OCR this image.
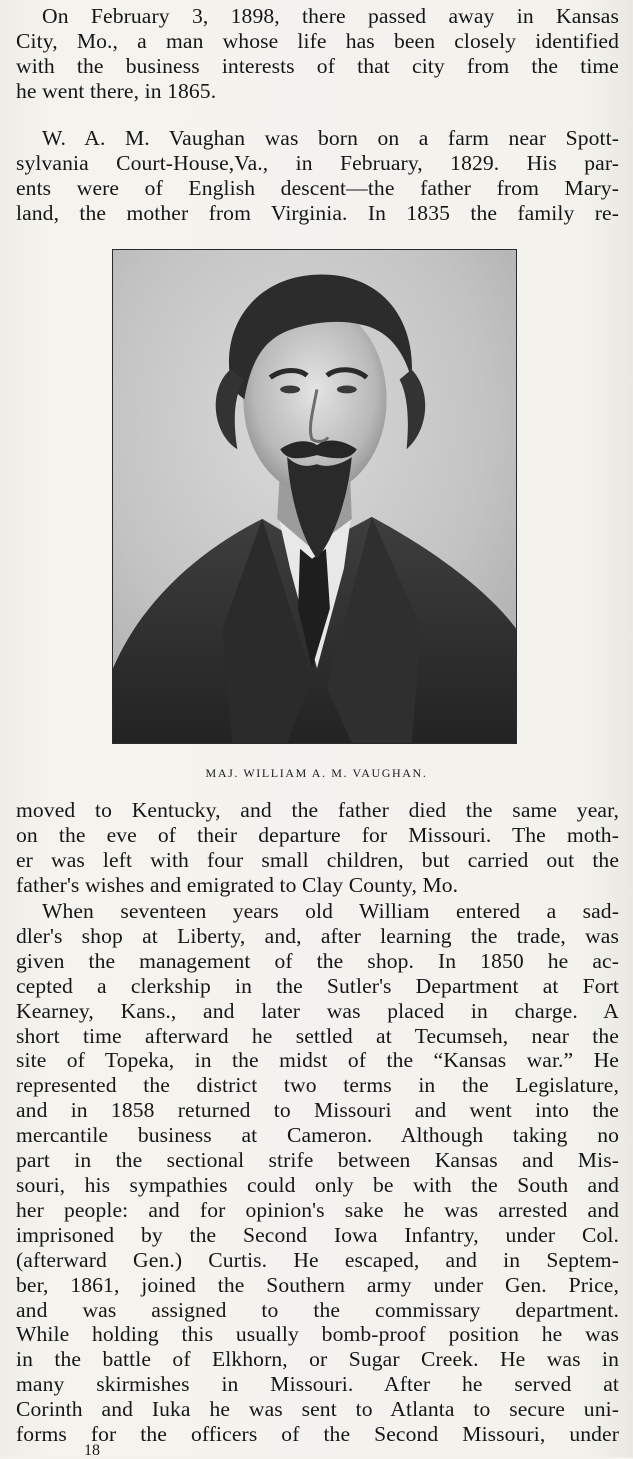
On February 3, 1898, there passed away in Kansas
City, Mo., a man whose life has been closely identified
with the business interests of that city from the time
he went there, in 1865.

W. A. M. Vaughan was born on a farm near Spott-
sylvania Court-House,Va., in February, 1829. His par-
ents were of English descent—the father from Mary-
land, the mother from Virginia. In 1835 the family re-

MAJ. WILLIAM A. M. VAUGHAN.

moved to Kentucky, and the father died the same year,
on the eve of their departure for Missouri. The moth-
er was left with four small children, but carried out the
father's wishes and emigrated to Clay County, Mo.

When seventeen years old William entered a sad-
dler's shop at Liberty, and, after learning the trade, was
given the management of the shop. In 1850 he ac-
cepted a clerkship in the Sutler's Department at Fort
Kearney, Kans., and later was placed in charge. A
short time afterward he settled at Tecumseh, near the
site of Topeka, in the midst of the “Kansas war.” He
represented the district two terms in the Legislature,
and in 1858 returned to Missouri and went into the
mercantile business at Cameron. Although taking no
part in the sectional strife between Kansas and Mis-
souri, his sympathies could only be with the South and
her people: and for opinion's sake he was arrested and
imprisoned by the Second Iowa Infantry, under Col.
(afterward Gen.) Curtis. He escaped, and in Septem-
ber, 1861, joined the Southern army under Gen. Price,
and was assigned to the commissary department.
While holding this usually bomb-proof position he was
in the battle of Elkhorn, or Sugar Creek. He was in
many skirmishes in Missouri. After he served at
Corinth and Iuka he was sent to Atlanta to secure uni-
forms for the officers of the Second Missouri, under

18
